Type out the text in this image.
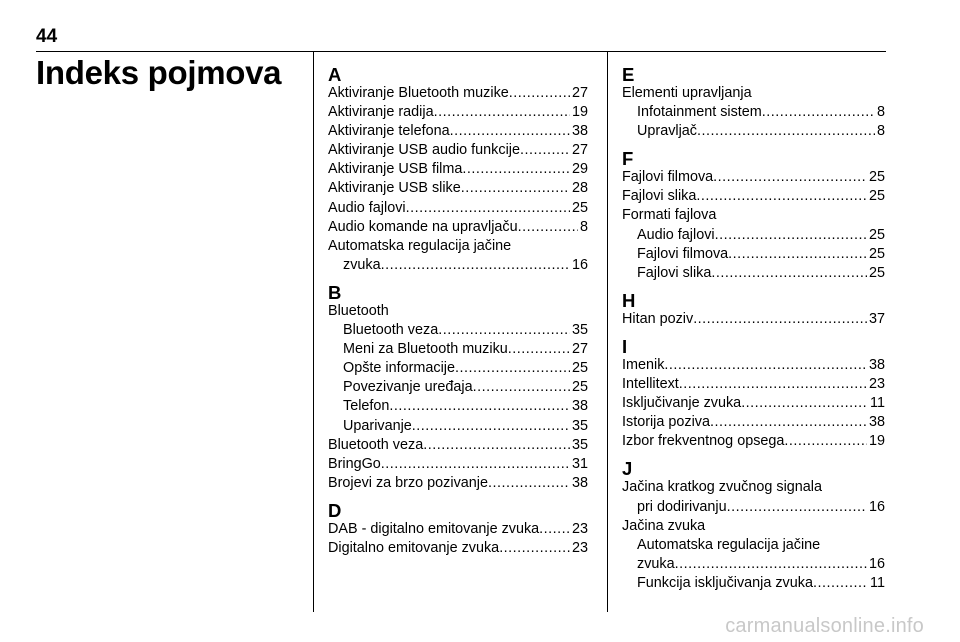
44
Indeks pojmova	A
Aktiviranje Bluetooth muzike .....	27
Aktiviranje radija .....	19
Aktiviranje telefona .....	38
Aktiviranje USB audio funkcije .....	27
Aktiviranje USB filma .....	29
Aktiviranje USB slike .....	28
Audio fajlovi .....	25
Audio komande na upravljaču .....	8
Automatska regulacija jačine
zvuka .....	16
B
Bluetooth
Bluetooth veza .....	35
Meni za Bluetooth muziku .....	27
Opšte informacije .....	25
Povezivanje uređaja .....	25
Telefon .....	38
Uparivanje .....	35
Bluetooth veza .....	35
BringGo .....	31
Brojevi za brzo pozivanje .....	38
D
DAB - digitalno emitovanje zvuka ..... 23
Digitalno emitovanje zvuka .....	23
E
Elementi upravljanja
Infotainment sistem .....	8
Upravljač .....	8
F
Fajlovi filmova .....	25
Fajlovi slika .....	25
Formati fajlova
Audio fajlovi .....	25
Fajlovi filmova .....	25
Fajlovi slika .....	25
H
Hitan poziv .....	37
I
Imenik .....	38
Intellitext .....	23
Isključivanje zvuka .....	11
Istorija poziva .....	38
Izbor frekventnog opsega .....	19
J
Jačina kratkog zvučnog signala
pri dodirivanju .....	16
Jačina zvuka
Automatska regulacija jačine
zvuka .....	16
Funkcija isključivanja zvuka .....	11
carmanualsonline.info
